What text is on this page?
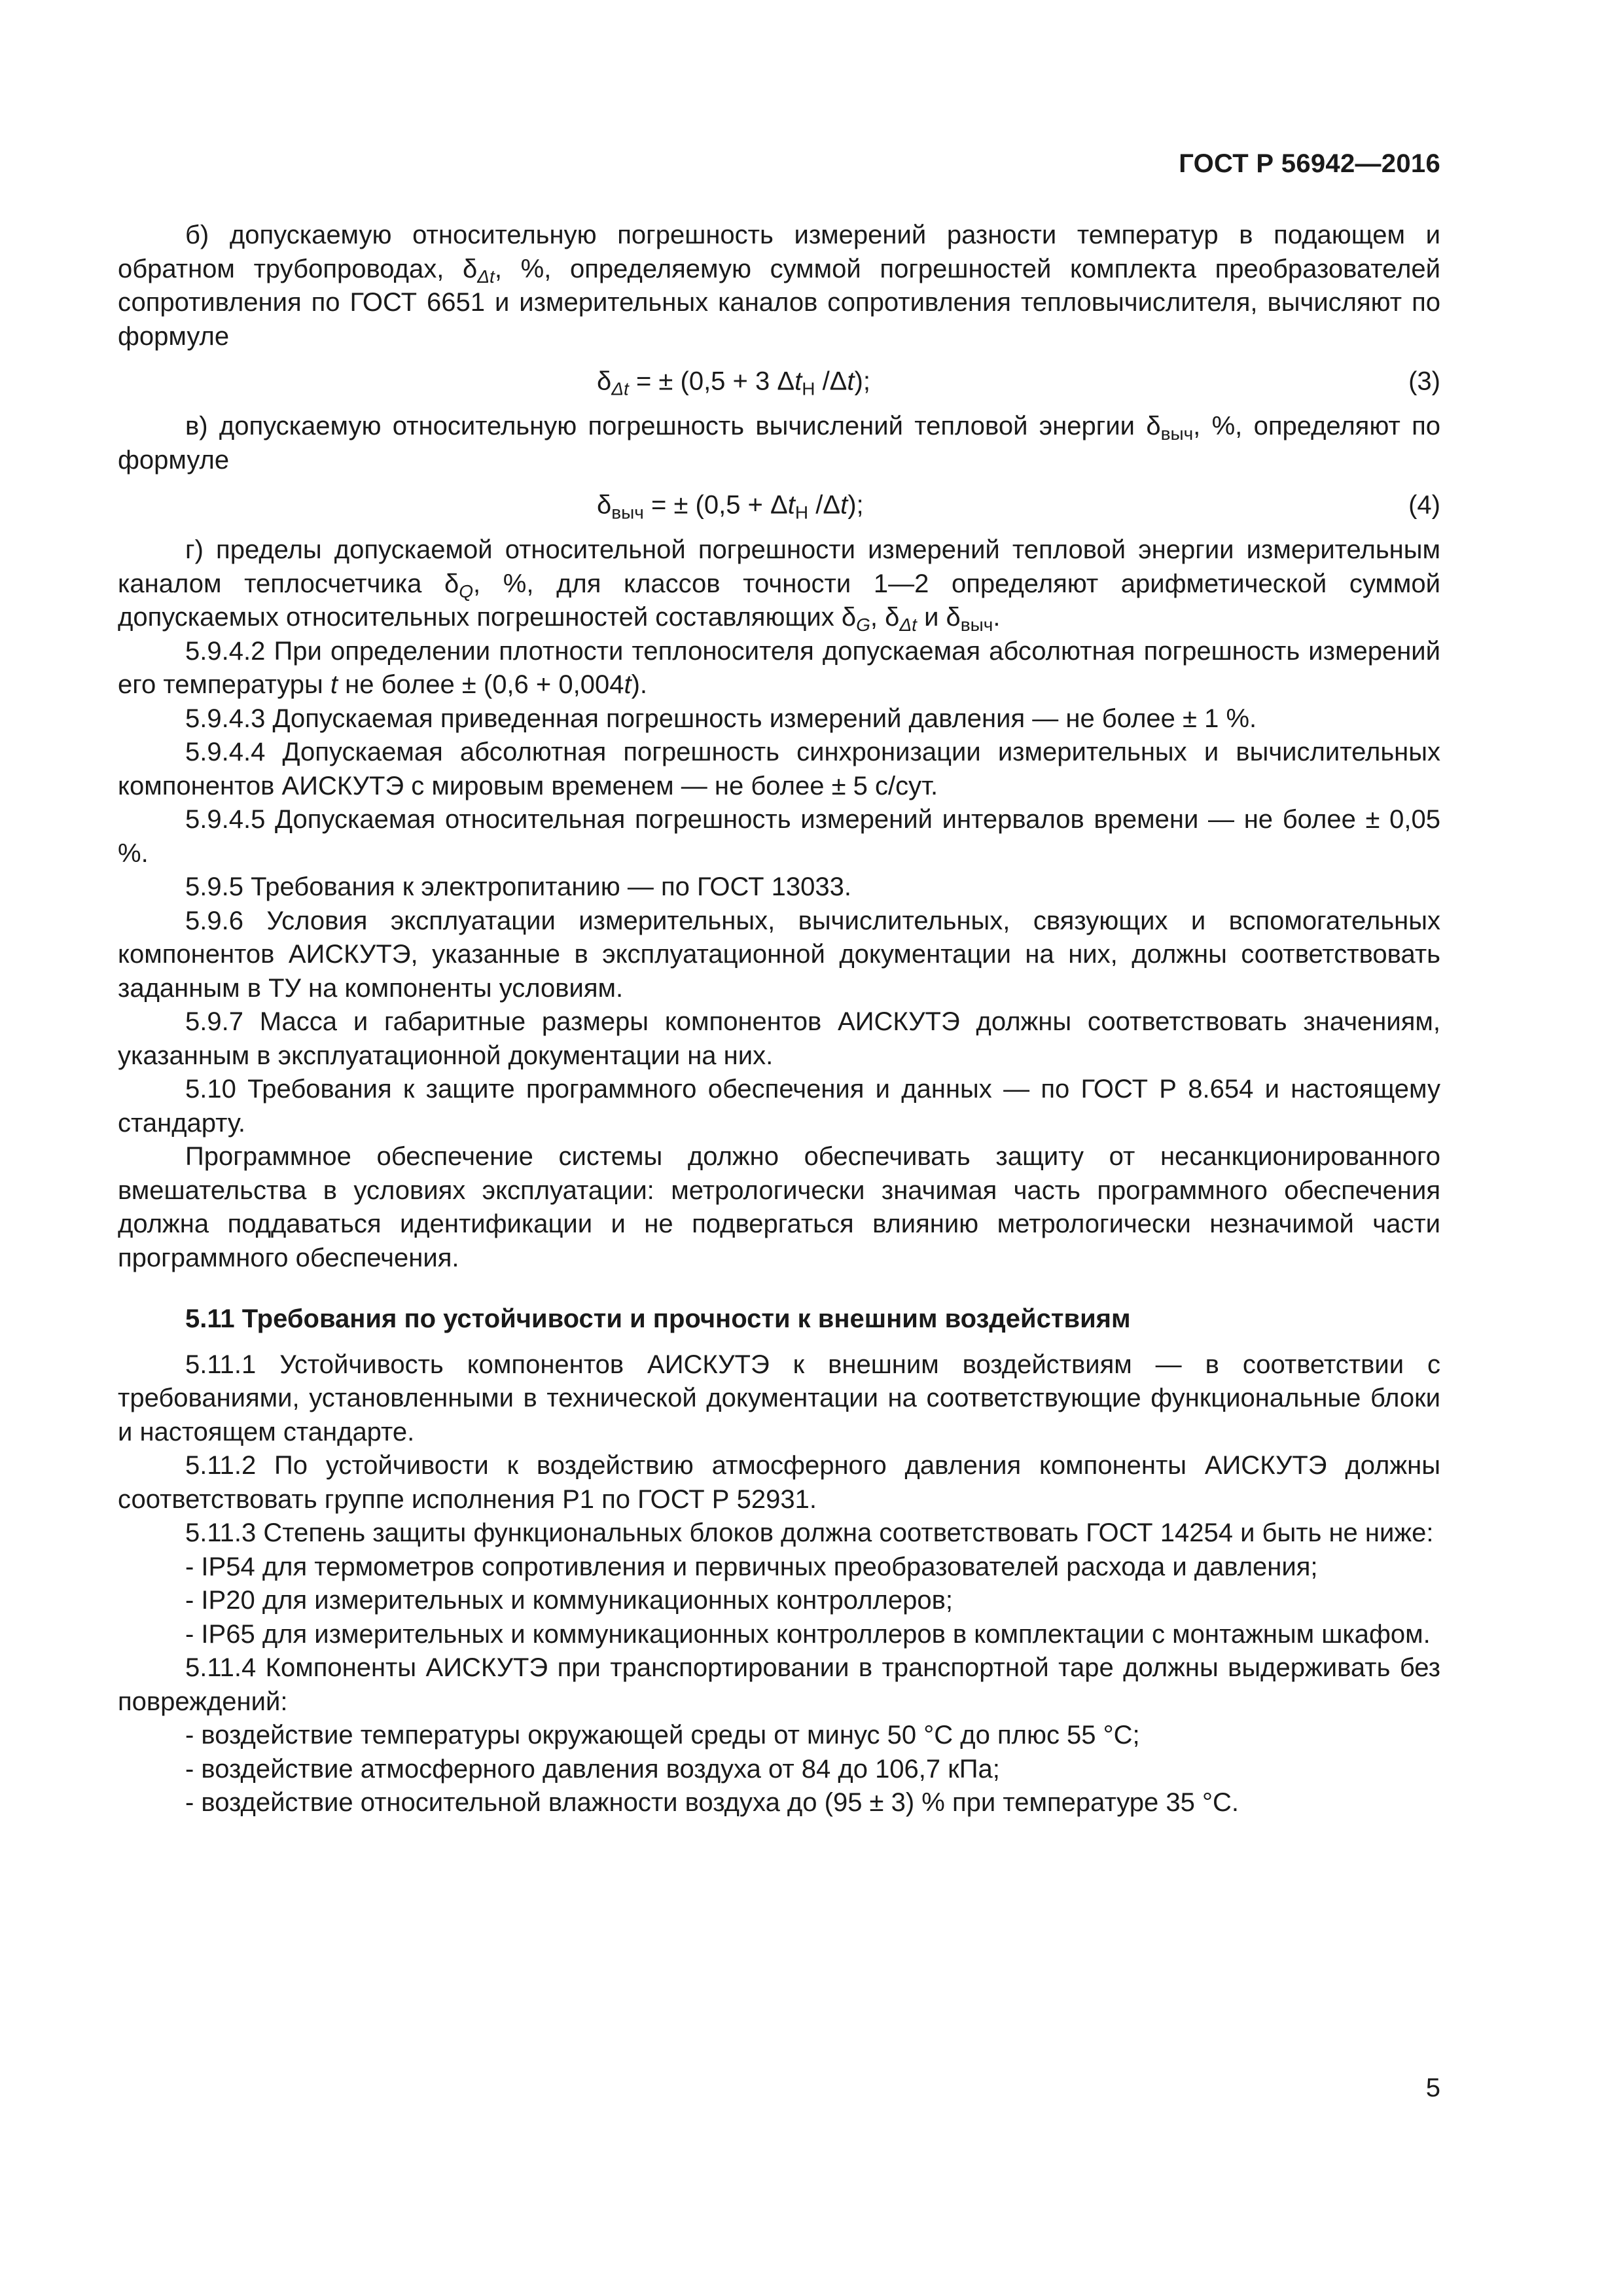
ГОСТ Р 56942—2016

б) допускаемую относительную погрешность измерений разности температур в подающем и обратном трубопроводах, $\delta_{\Delta t}$, %, определяемую суммой погрешностей комплекта преобразователей сопротивления по ГОСТ 6651 и измерительных каналов сопротивления тепловычислителя, вычисляют по формуле

$\delta_{\Delta t}$ = ± (0,5 + 3 $\Delta t_Н$ /Δt);	(3)

в) допускаемую относительную погрешность вычислений тепловой энергии $\delta_{выч}$, %, определяют по формуле

$\delta_{выч}$ = ± ($0,5 + \Delta t_Н$ /Δt);	(4)

г) пределы допускаемой относительной погрешности измерений тепловой энергии измерительным каналом теплосчетчика $\delta_Q$, %, для классов точности 1—2 определяют арифметической суммой допускаемых относительных погрешностей составляющих $\delta_G$, $\delta_{\Delta t}$ и $\delta_{выч}$.

5.9.4.2 При определении плотности теплоносителя допускаемая абсолютная погрешность измерений его температуры t не более ± (0,6 + 0,004t).

5.9.4.3 Допускаемая приведенная погрешность измерений давления — не более ± 1 %.

5.9.4.4 Допускаемая абсолютная погрешность синхронизации измерительных и вычислительных компонентов АИСКУТЭ с мировым временем — не более ± 5 с/сут.

5.9.4.5 Допускаемая относительная погрешность измерений интервалов времени — не более ± 0,05 %.

5.9.5 Требования к электропитанию — по ГОСТ 13033.

5.9.6 Условия эксплуатации измерительных, вычислительных, связующих и вспомогательных компонентов АИСКУТЭ, указанные в эксплуатационной документации на них, должны соответствовать заданным в ТУ на компоненты условиям.

5.9.7 Масса и габаритные размеры компонентов АИСКУТЭ должны соответствовать значениям, указанным в эксплуатационной документации на них.

5.10 Требования к защите программного обеспечения и данных — по ГОСТ Р 8.654 и настоящему стандарту.

Программное обеспечение системы должно обеспечивать защиту от несанкционированного вмешательства в условиях эксплуатации: метрологически значимая часть программного обеспечения должна поддаваться идентификации и не подвергаться влиянию метрологически незначимой части программного обеспечения.

5.11 Требования по устойчивости и прочности к внешним воздействиям

5.11.1 Устойчивость компонентов АИСКУТЭ к внешним воздействиям — в соответствии с требованиями, установленными в технической документации на соответствующие функциональные блоки и настоящем стандарте.

5.11.2 По устойчивости к воздействию атмосферного давления компоненты АИСКУТЭ должны соответствовать группе исполнения Р1 по ГОСТ Р 52931.

5.11.3 Степень защиты функциональных блоков должна соответствовать ГОСТ 14254 и быть не ниже:

- IP54 для термометров сопротивления и первичных преобразователей расхода и давления;

- IP20 для измерительных и коммуникационных контроллеров;

- IP65 для измерительных и коммуникационных контроллеров в комплектации с монтажным шкафом.

5.11.4 Компоненты АИСКУТЭ при транспортировании в транспортной таре должны выдерживать без повреждений:

- воздействие температуры окружающей среды от минус 50 °С до плюс 55 °С;

- воздействие атмосферного давления воздуха от 84 до 106,7 кПа;

- воздействие относительной влажности воздуха до (95 ± 3) % при температуре 35 °С.

5
